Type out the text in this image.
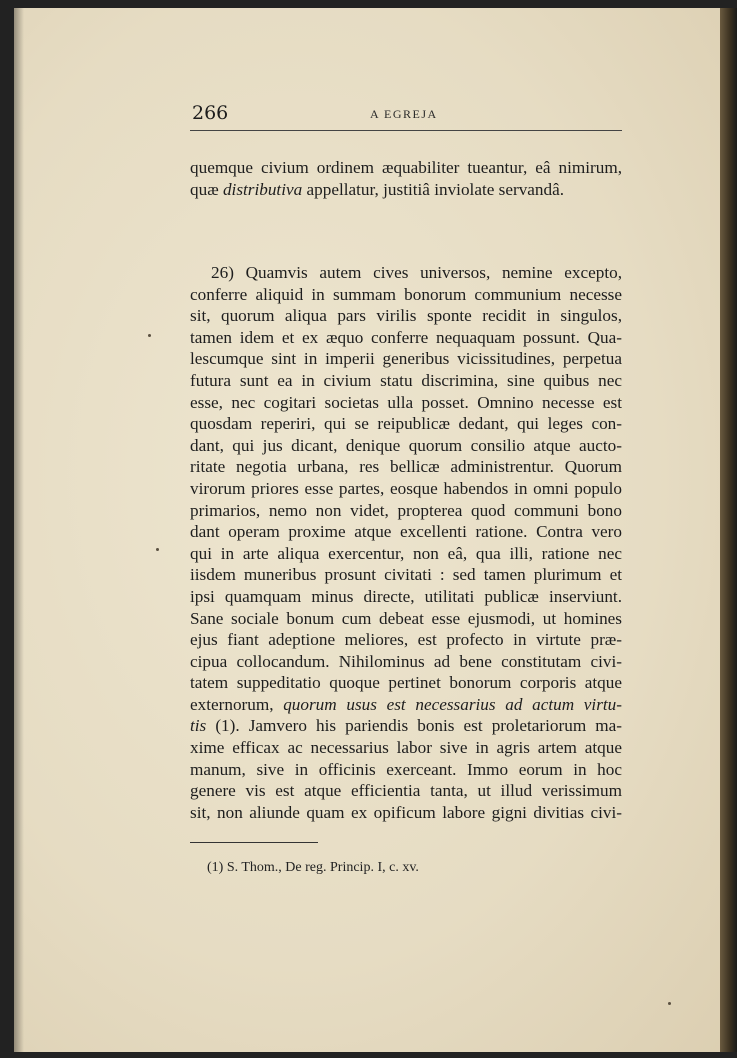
266	A EGREJA
quemque civium ordinem æquabiliter tueantur, eâ nimirum,
quæ distributiva appellatur, justitiâ inviolate servandâ.
26) Quamvis autem cives universos, nemine excepto,
conferre aliquid in summam bonorum communium necesse
sit, quorum aliqua pars virilis sponte recidit in singulos,
tamen idem et ex æquo conferre nequaquam possunt. Qua-
lescumque sint in imperii generibus vicissitudines, perpetua
futura sunt ea in civium statu discrimina, sine quibus nec
esse, nec cogitari societas ulla posset. Omnino necesse est
quosdam reperiri, qui se reipublicæ dedant, qui leges con-
dant, qui jus dicant, denique quorum consilio atque aucto-
ritate negotia urbana, res bellicæ administrentur. Quorum
virorum priores esse partes, eosque habendos in omni populo
primarios, nemo non videt, propterea quod communi bono
dant operam proxime atque excellenti ratione. Contra vero
qui in arte aliqua exercentur, non eâ, qua illi, ratione nec
iisdem muneribus prosunt civitati : sed tamen plurimum et
ipsi quamquam minus directe, utilitati publicæ inserviunt.
Sane sociale bonum cum debeat esse ejusmodi, ut homines
ejus fiant adeptione meliores, est profecto in virtute præ-
cipua collocandum. Nihilominus ad bene constitutam civi-
tatem suppeditatio quoque pertinet bonorum corporis atque
externorum, quorum usus est necessarius ad actum virtu-
tis (1). Jamvero his pariendis bonis est proletariorum ma-
xime efficax ac necessarius labor sive in agris artem atque
manum, sive in officinis exerceant. Immo eorum in hoc
genere vis est atque efficientia tanta, ut illud verissimum
sit, non aliunde quam ex opificum labore gigni divitias civi-
(1) S. Thom., De reg. Princip. I, c. xv.
